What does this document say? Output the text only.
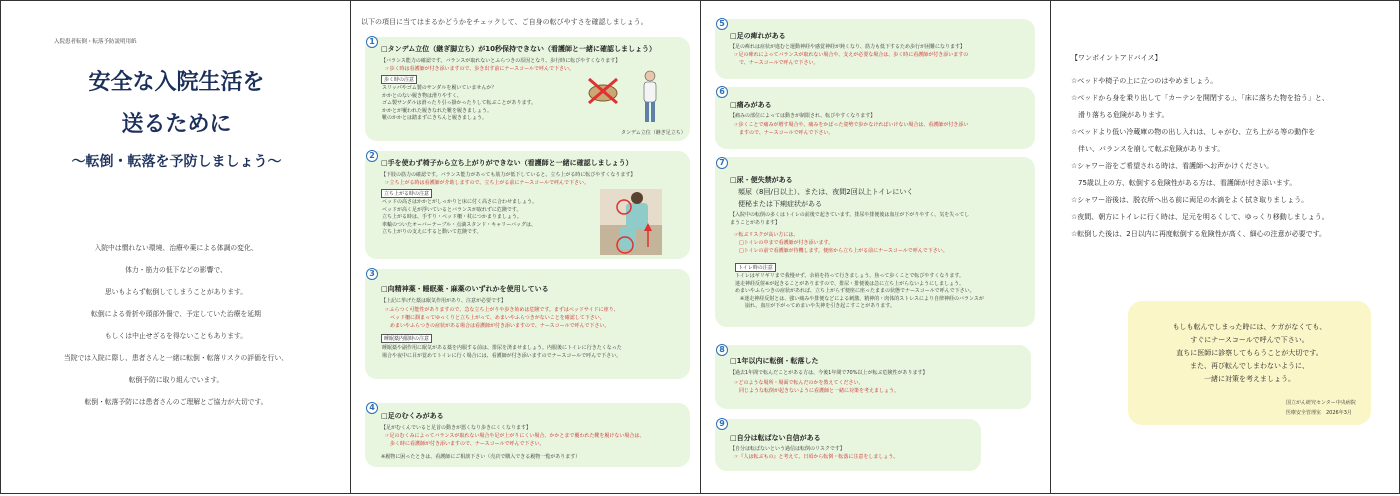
入院患者転倒・転落予防説明用紙
安全な入院生活を
送るために
～転倒・転落を予防しましょう～
入院中は慣れない環境、治療や薬による体調の変化、
体力・筋力の低下などの影響で、
思いもよらず転倒してしまうことがあります。
転倒による骨折や頭部外傷で、予定していた治療を延期
もしくは中止せざるを得ないこともあります。
当院では入院に際し、患者さんと一緒に転倒・転落リスクの評価を行い、
転倒予防に取り組んでいます。
転倒・転落予防には患者さんのご理解とご協力が大切です。
以下の項目に当てはまるかどうかをチェックして、ご自身の転びやすさを確認しましょう。
1
□タンデム立位（継ぎ脚立ち）が10秒保持できない（看護師と一緒に確認しましょう）
【バランス能力の確認です。バランスが取れないとふらつきの原因となり、歩行時に転びやすくなります】
☞歩く時は看護師が付き添いますので、歩き出す前にナースコールで呼んで下さい。
歩く時の注意
スリッパやゴム製のサンダルを履いていませんか？
かかとのない履き物は滑りやすく、
ゴム製サンダルは滑ったり引っ掛かったりして転ぶことがあります。
かかとが覆われた履きなれた靴を履きましょう。
靴のかかとは踏まずにきちんと履きましょう。
タンデム立位（継ぎ足立ち）
2
□手を使わず椅子から立ち上がりができない（看護師と一緒に確認しましょう）
【下肢の筋力の確認です。バランス能力があっても筋力が低下していると、立ち上がる時に転びやすくなります】
☞立ち上がる時は看護師が介助しますので、立ち上がる前にナースコールで呼んで下さい。
立ち上がる時の注意
ベッドの高さはかかとがしっかりと床に付く高さに合わせましょう。
ベッドが高く足が浮いているとバランスが取れずに危険です。
立ち上がる時は、手すり・ベッド柵・杖につかまりましょう。
車輪のついたオーバーテーブル・点滴スタンド・キャリーバッグは、
立ち上がりの支えにすると動いて危険です。
3
□向精神薬・睡眠薬・麻薬のいずれかを使用している
【上記に挙げた薬は眠気作用があり、注意が必要です】
☞ふらつく可能性がありますので、急な立ち上がりや歩き始めは危険です。まずはベッドサイドに座り、
　ベッド柵に掴まってゆっくりと立ち上がって、めまいやふらつきがないことを確認して下さい。
　めまいやふらつきの症状がある場合は看護師が付き添いますので、ナースコールで呼んで下さい。
睡眠薬内服時の注意
睡眠薬や副作用に眠気がある薬を内服する前は、排尿を済ませましょう。内服後にトイレに行きたくなった
場合や夜中に目が覚めてトイレに行く場合には、看護師が付き添いますのでナースコールで呼んで下さい。
4
□足のむくみがある
【足がむくんでいると足首の動きが悪くなり歩きにくくなります】
☞足のむくみによってバランスが取れない場合や足が上がりにくい場合、かかとまで覆われた靴を履けない場合は、
　歩く時に看護師が付き添いますので、ナースコールで呼んで下さい。
※履物に困ったときは、看護師にご相談下さい（売店で購入できる履物一覧があります）
5
□足の痺れがある
【足の痺れは症状が進むと運動神経や感覚神経が鈍くなり、筋力も低下するため歩行が困難になります】
☞足の痺れによってバランスが取れない場合や、支えが必要な場合は、歩く時に看護師が付き添いますの
　で、ナースコールで呼んで下さい。
6
□痛みがある
【痛みの部位によっては動きが制限され、転びやすくなります】
☞歩くことで痛みが増す場合や、痛みをかばった姿勢で歩かなければいけない場合は、看護師が付き添い
　ますので、ナースコールで呼んで下さい。
7
□尿・便失禁がある
頻尿（8回/日以上）、または、夜間2回以上トイレにいく
便秘または下痢症状がある
【入院中の転倒の多くはトイレの前後で起きています。排尿や排便後は血圧が下がりやすく、気を失ってし
まうことがあります】
☞転ぶリスクが高い方には、
　□トイレの中まで看護師が付き添います。
　□トイレの前で看護師が待機します。便座から立ち上がる前にナースコールで呼んで下さい。
トイレ時の注意
トイレはギリギリまで我慢せず、余裕を持って行きましょう。焦って歩くことで転びやすくなります。
迷走神経反射※が起きることがありますので、排尿・排便後は急に立ち上がらないようにしましょう。
めまいやふらつきの症状があれば、立ち上がらず便座に座ったままの状態でナースコールで呼んで下さい。
　※迷走神経反射とは、強い痛みや排便などによる刺激、精神的・肉体的ストレスにより自律神経のバランスが
　　崩れ、血圧が下がってめまいや失神を引き起こすことがあります。
8
□1年以内に転倒・転落した
【過去1年間で転んだことがある方は、今後1年間で70%以上が転ぶ危険性があります】
☞どのような場所・場面で転んだのかを教えてください。
　同じような転倒が起きないように看護師と一緒に対策を考えましょう。
9
□自分は転ばない自信がある
【自分は転ばないという過信は転倒のリスクです】
☞『人は転ぶもの』と考えて、日頃から転倒・転落に注意をしましょう。
【ワンポイントアドバイス】
☆ベッドや椅子の上に立つのはやめましょう。
☆ベッドから身を乗り出して「カーテンを開閉する」、「床に落ちた物を拾う」と、
　滑り落ちる危険があります。
☆ベッドより低い冷蔵庫の物の出し入れは、しゃがむ、立ち上がる等の動作を
　伴い、バランスを崩して転ぶ危険があります。
☆シャワー浴をご希望される時は、看護師へお声かけください。
　75歳以上の方、転倒する危険性がある方は、看護師が付き添います。
☆シャワー浴後は、脱衣所へ出る前に両足の水滴をよく拭き取りましょう。
☆夜間、朝方にトイレに行く時は、足元を明るくして、ゆっくり移動しましょう。
☆転倒した後は、2日以内に再度転倒する危険性が高く、細心の注意が必要です。
もしも転んでしまった時には、ケガがなくても、
すぐにナースコールで呼んで下さい。
直ちに医師に診察してもらうことが大切です。
また、再び転んでしまわないように、
一緒に対策を考えましょう。
国立がん研究センター中央病院
医療安全管理室　2026年3月
